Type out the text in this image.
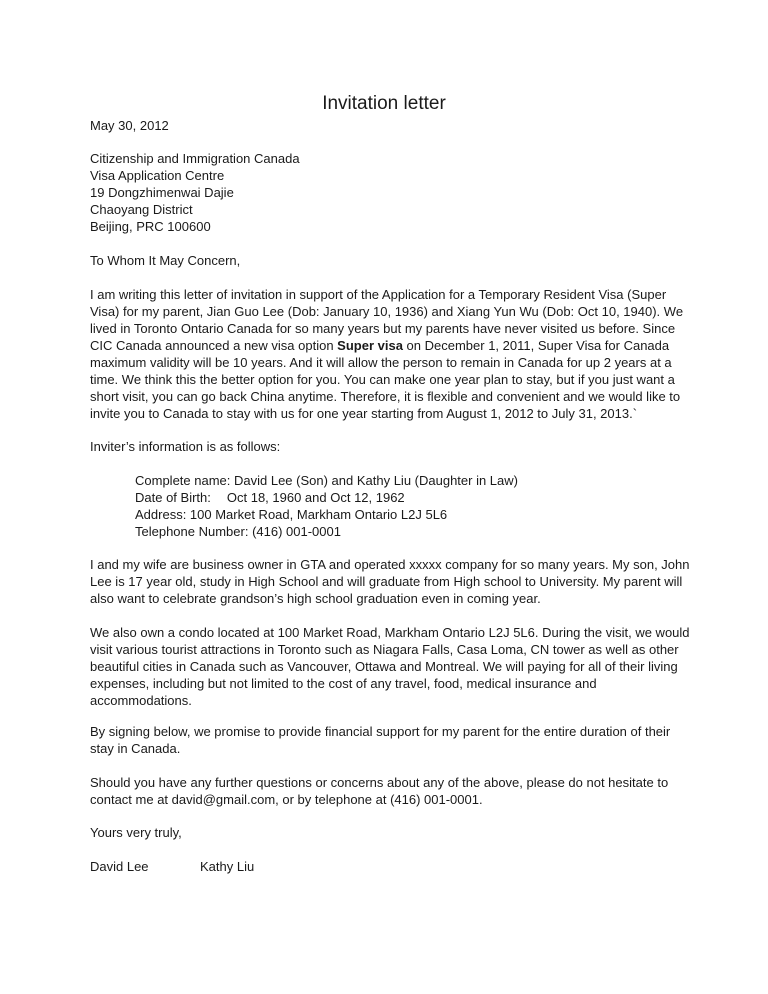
Invitation letter
May 30, 2012
Citizenship and Immigration Canada
Visa Application Centre
19 Dongzhimenwai Dajie
Chaoyang District
Beijing, PRC 100600
To Whom It May Concern,
I am writing this letter of invitation in support of the Application for a Temporary Resident Visa (Super
Visa) for my parent, Jian Guo Lee (Dob: January 10, 1936) and Xiang Yun Wu (Dob: Oct 10, 1940). We
lived in Toronto Ontario Canada for so many years but my parents have never visited us before. Since
CIC Canada announced a new visa option Super visa on December 1, 2011, Super Visa for Canada
maximum validity will be 10 years. And it will allow the person to remain in Canada for up 2 years at a
time. We think this the better option for you. You can make one year plan to stay, but if you just want a
short visit, you can go back China anytime. Therefore, it is flexible and convenient and we would like to
invite you to Canada to stay with us for one year starting from August 1, 2012 to July 31, 2013.`
Inviter’s information is as follows:
Complete name: David Lee (Son) and Kathy Liu (Daughter in Law)
Date of Birth: Oct 18, 1960 and Oct 12, 1962
Address: 100 Market Road, Markham Ontario L2J 5L6
Telephone Number: (416) 001-0001
I and my wife are business owner in GTA and operated xxxxx company for so many years. My son, John
Lee is 17 year old, study in High School and will graduate from High school to University. My parent will
also want to celebrate grandson’s high school graduation even in coming year.
We also own a condo located at 100 Market Road, Markham Ontario L2J 5L6. During the visit, we would
visit various tourist attractions in Toronto such as Niagara Falls, Casa Loma, CN tower as well as other
beautiful cities in Canada such as Vancouver, Ottawa and Montreal. We will paying for all of their living
expenses, including but not limited to the cost of any travel, food, medical insurance and
accommodations.
By signing below, we promise to provide financial support for my parent for the entire duration of their
stay in Canada.
Should you have any further questions or concerns about any of the above, please do not hesitate to
contact me at david@gmail.com, or by telephone at (416) 001-0001.
Yours very truly,
David Lee	Kathy Liu
